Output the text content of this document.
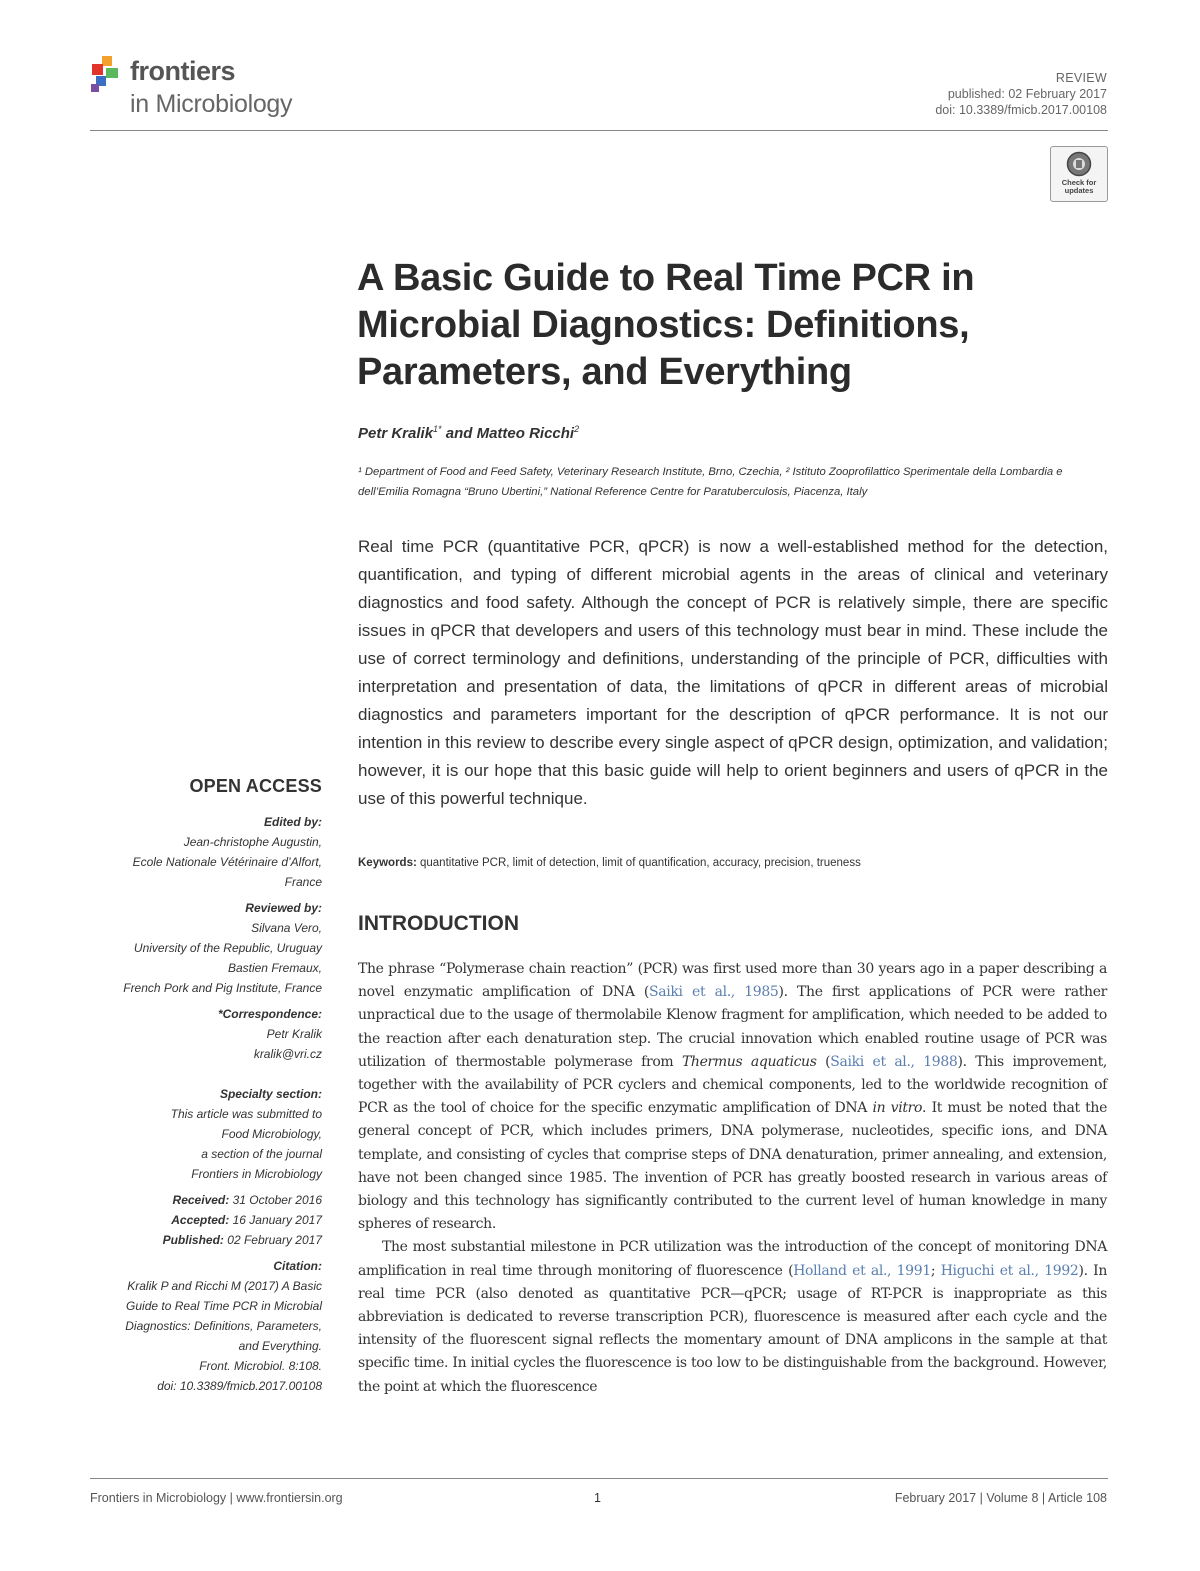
frontiers
in Microbiology
REVIEW
published: 02 February 2017
doi: 10.3389/fmicb.2017.00108
Check for updates
A Basic Guide to Real Time PCR in Microbial Diagnostics: Definitions, Parameters, and Everything
Petr Kralik$^{1*}$ and Matteo Ricchi$^2$
¹ Department of Food and Feed Safety, Veterinary Research Institute, Brno, Czechia, ² Istituto Zooprofilattico Sperimentale della Lombardia e dell’Emilia Romagna “Bruno Ubertini,” National Reference Centre for Paratuberculosis, Piacenza, Italy
Real time PCR (quantitative PCR, qPCR) is now a well-established method for the detection, quantification, and typing of different microbial agents in the areas of clinical and veterinary diagnostics and food safety. Although the concept of PCR is relatively simple, there are specific issues in qPCR that developers and users of this technology must bear in mind. These include the use of correct terminology and definitions, understanding of the principle of PCR, difficulties with interpretation and presentation of data, the limitations of qPCR in different areas of microbial diagnostics and parameters important for the description of qPCR performance. It is not our intention in this review to describe every single aspect of qPCR design, optimization, and validation; however, it is our hope that this basic guide will help to orient beginners and users of qPCR in the use of this powerful technique.
Keywords: quantitative PCR, limit of detection, limit of quantification, accuracy, precision, trueness
INTRODUCTION

The phrase “Polymerase chain reaction” (PCR) was first used more than 30 years ago in a paper describing a novel enzymatic amplification of DNA (Saiki et al., 1985). The first applications of PCR were rather unpractical due to the usage of thermolabile Klenow fragment for amplification, which needed to be added to the reaction after each denaturation step. The crucial innovation which enabled routine usage of PCR was utilization of thermostable polymerase from Thermus aquaticus (Saiki et al., 1988). This improvement, together with the availability of PCR cyclers and chemical components, led to the worldwide recognition of PCR as the tool of choice for the specific enzymatic amplification of DNA in vitro. It must be noted that the general concept of PCR, which includes primers, DNA polymerase, nucleotides, specific ions, and DNA template, and consisting of cycles that comprise steps of DNA denaturation, primer annealing, and extension, have not been changed since 1985. The invention of PCR has greatly boosted research in various areas of biology and this technology has significantly contributed to the current level of human knowledge in many spheres of research.

The most substantial milestone in PCR utilization was the introduction of the concept of monitoring DNA amplification in real time through monitoring of fluorescence (Holland et al., 1991; Higuchi et al., 1992). In real time PCR (also denoted as quantitative PCR—qPCR; usage of RT-PCR is inappropriate as this abbreviation is dedicated to reverse transcription PCR), fluorescence is measured after each cycle and the intensity of the fluorescent signal reflects the momentary amount of DNA amplicons in the sample at that specific time. In initial cycles the fluorescence is too low to be distinguishable from the background. However, the point at which the fluorescence

OPEN ACCESS
Edited by:
Jean-christophe Augustin,
Ecole Nationale Vétérinaire d’Alfort,
France
Reviewed by:
Silvana Vero,
University of the Republic, Uruguay
Bastien Fremaux,
French Pork and Pig Institute, France
*Correspondence:
Petr Kralik
kralik@vri.cz
Specialty section:
This article was submitted to
Food Microbiology,
a section of the journal
Frontiers in Microbiology
Received: 31 October 2016
Accepted: 16 January 2017
Published: 02 February 2017
Citation:
Kralik P and Ricchi M (2017) A Basic
Guide to Real Time PCR in Microbial
Diagnostics: Definitions, Parameters,
and Everything.
Front. Microbiol. 8:108.
doi: 10.3389/fmicb.2017.00108
Frontiers in Microbiology | www.frontiersin.org	1	February 2017 | Volume 8 | Article 108
